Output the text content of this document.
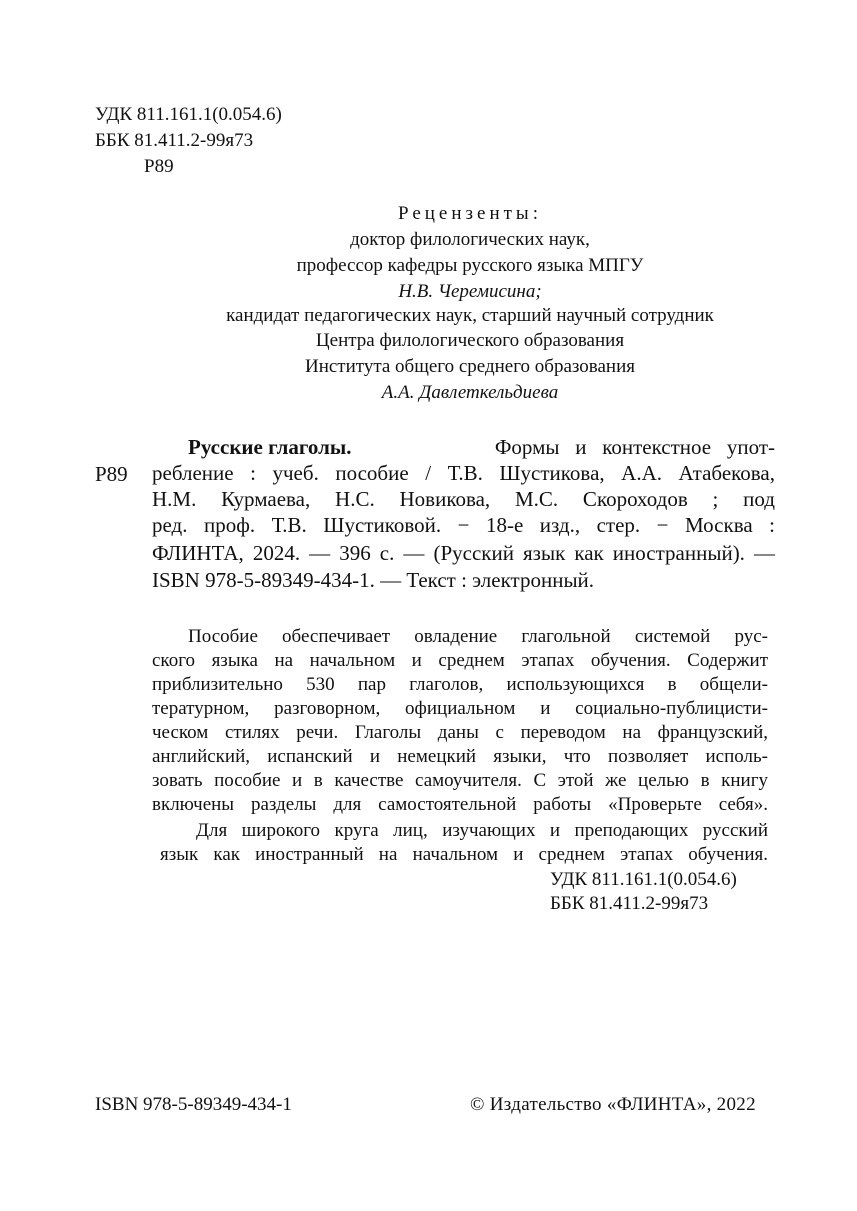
УДК 811.161.1(0.054.6)
ББК 81.411.2-99я73
Р89
Рецензенты:
доктор филологических наук,
профессор кафедры русского языка МПГУ
Н.В. Черемисина;
кандидат педагогических наук, старший научный сотрудник
Центра филологического образования
Института общего среднего образования
А.А. Давлеткельдиева
Р89
Русские глаголы.	Формы   и   контекстное   упот-
ребление : учеб. пособие / Т.В. Шустикова, А.А. Атабекова,
Н.М. Курмаева, Н.С. Новикова, М.С. Скороходов ; под
ред. проф. Т.В. Шустиковой. − 18-е изд., стер. − Москва :
ФЛИНТА, 2024. — 396 с. — (Русский язык как иностранный). —
ISBN 978-5-89349-434-1. — Текст : электронный.
Пособие обеспечивает овладение глагольной системой рус-
ского языка на начальном и среднем этапах обучения. Содержит
приблизительно 530 пар глаголов, использующихся в общели-
тературном, разговорном, официальном и социально-публицисти-
ческом стилях речи. Глаголы даны с переводом на французский,
английский, испанский и немецкий языки, что позволяет исполь-
зовать пособие и в качестве самоучителя. С этой же целью в книгу
включены разделы для самостоятельной работы «Проверьте себя».
Для широкого круга лиц, изучающих и преподающих русский
язык как иностранный на начальном и среднем этапах обучения.
УДК 811.161.1(0.054.6)
ББК 81.411.2-99я73
ISBN 978-5-89349-434-1	© Издательство «ФЛИНТА», 2022
